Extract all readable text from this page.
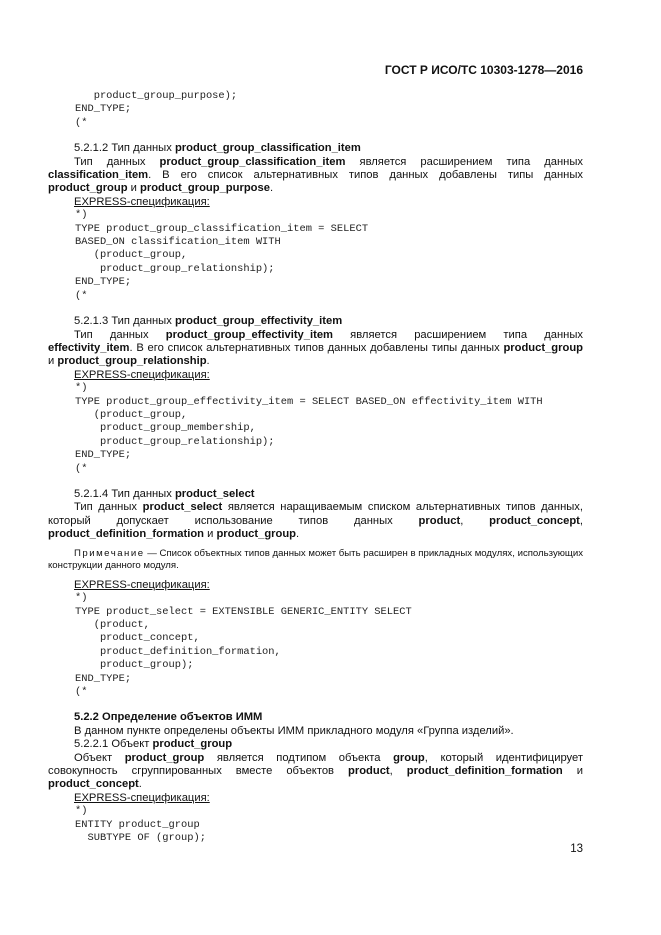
ГОСТ Р ИСО/ТС 10303-1278—2016
product_group_purpose);
END_TYPE;
(*

5.2.1.2 Тип данных product_group_classification_item

Тип данных product_group_classification_item является расширением типа данных classification_item. В его список альтернативных типов данных добавлены типы данных product_group и product_group_purpose.

EXPRESS-спецификация:

*)
TYPE product_group_classification_item = SELECT
BASED_ON classification_item WITH
(product_group,
product_group_relationship);
END_TYPE;
(*

5.2.1.3 Тип данных product_group_effectivity_item

Тип данных product_group_effectivity_item является расширением типа данных effectivity_item. В его список альтернативных типов данных добавлены типы данных product_group и product_group_relationship.

EXPRESS-спецификация:

*)
TYPE product_group_effectivity_item = SELECT BASED_ON effectivity_item WITH
(product_group,
product_group_membership,
product_group_relationship);
END_TYPE;
(*

5.2.1.4 Тип данных product_select

Тип данных product_select является наращиваемым списком альтернативных типов данных, который допускает использование типов данных product, product_concept, product_definition_formation и product_group.

Примечание — Список объектных типов данных может быть расширен в прикладных модулях, использующих конструкции данного модуля.

EXPRESS-спецификация:

*)
TYPE product_select = EXTENSIBLE GENERIC_ENTITY SELECT
(product,
product_concept,
product_definition_formation,
product_group);
END_TYPE;
(*

5.2.2 Определение объектов ИММ

В данном пункте определены объекты ИММ прикладного модуля «Группа изделий».

5.2.2.1 Объект product_group

Объект product_group является подтипом объекта group, который идентифицирует совокупность сгруппированных вместе объектов product, product_definition_formation и product_concept.

EXPRESS-спецификация:

*)
ENTITY product_group
SUBTYPE OF (group);
13
